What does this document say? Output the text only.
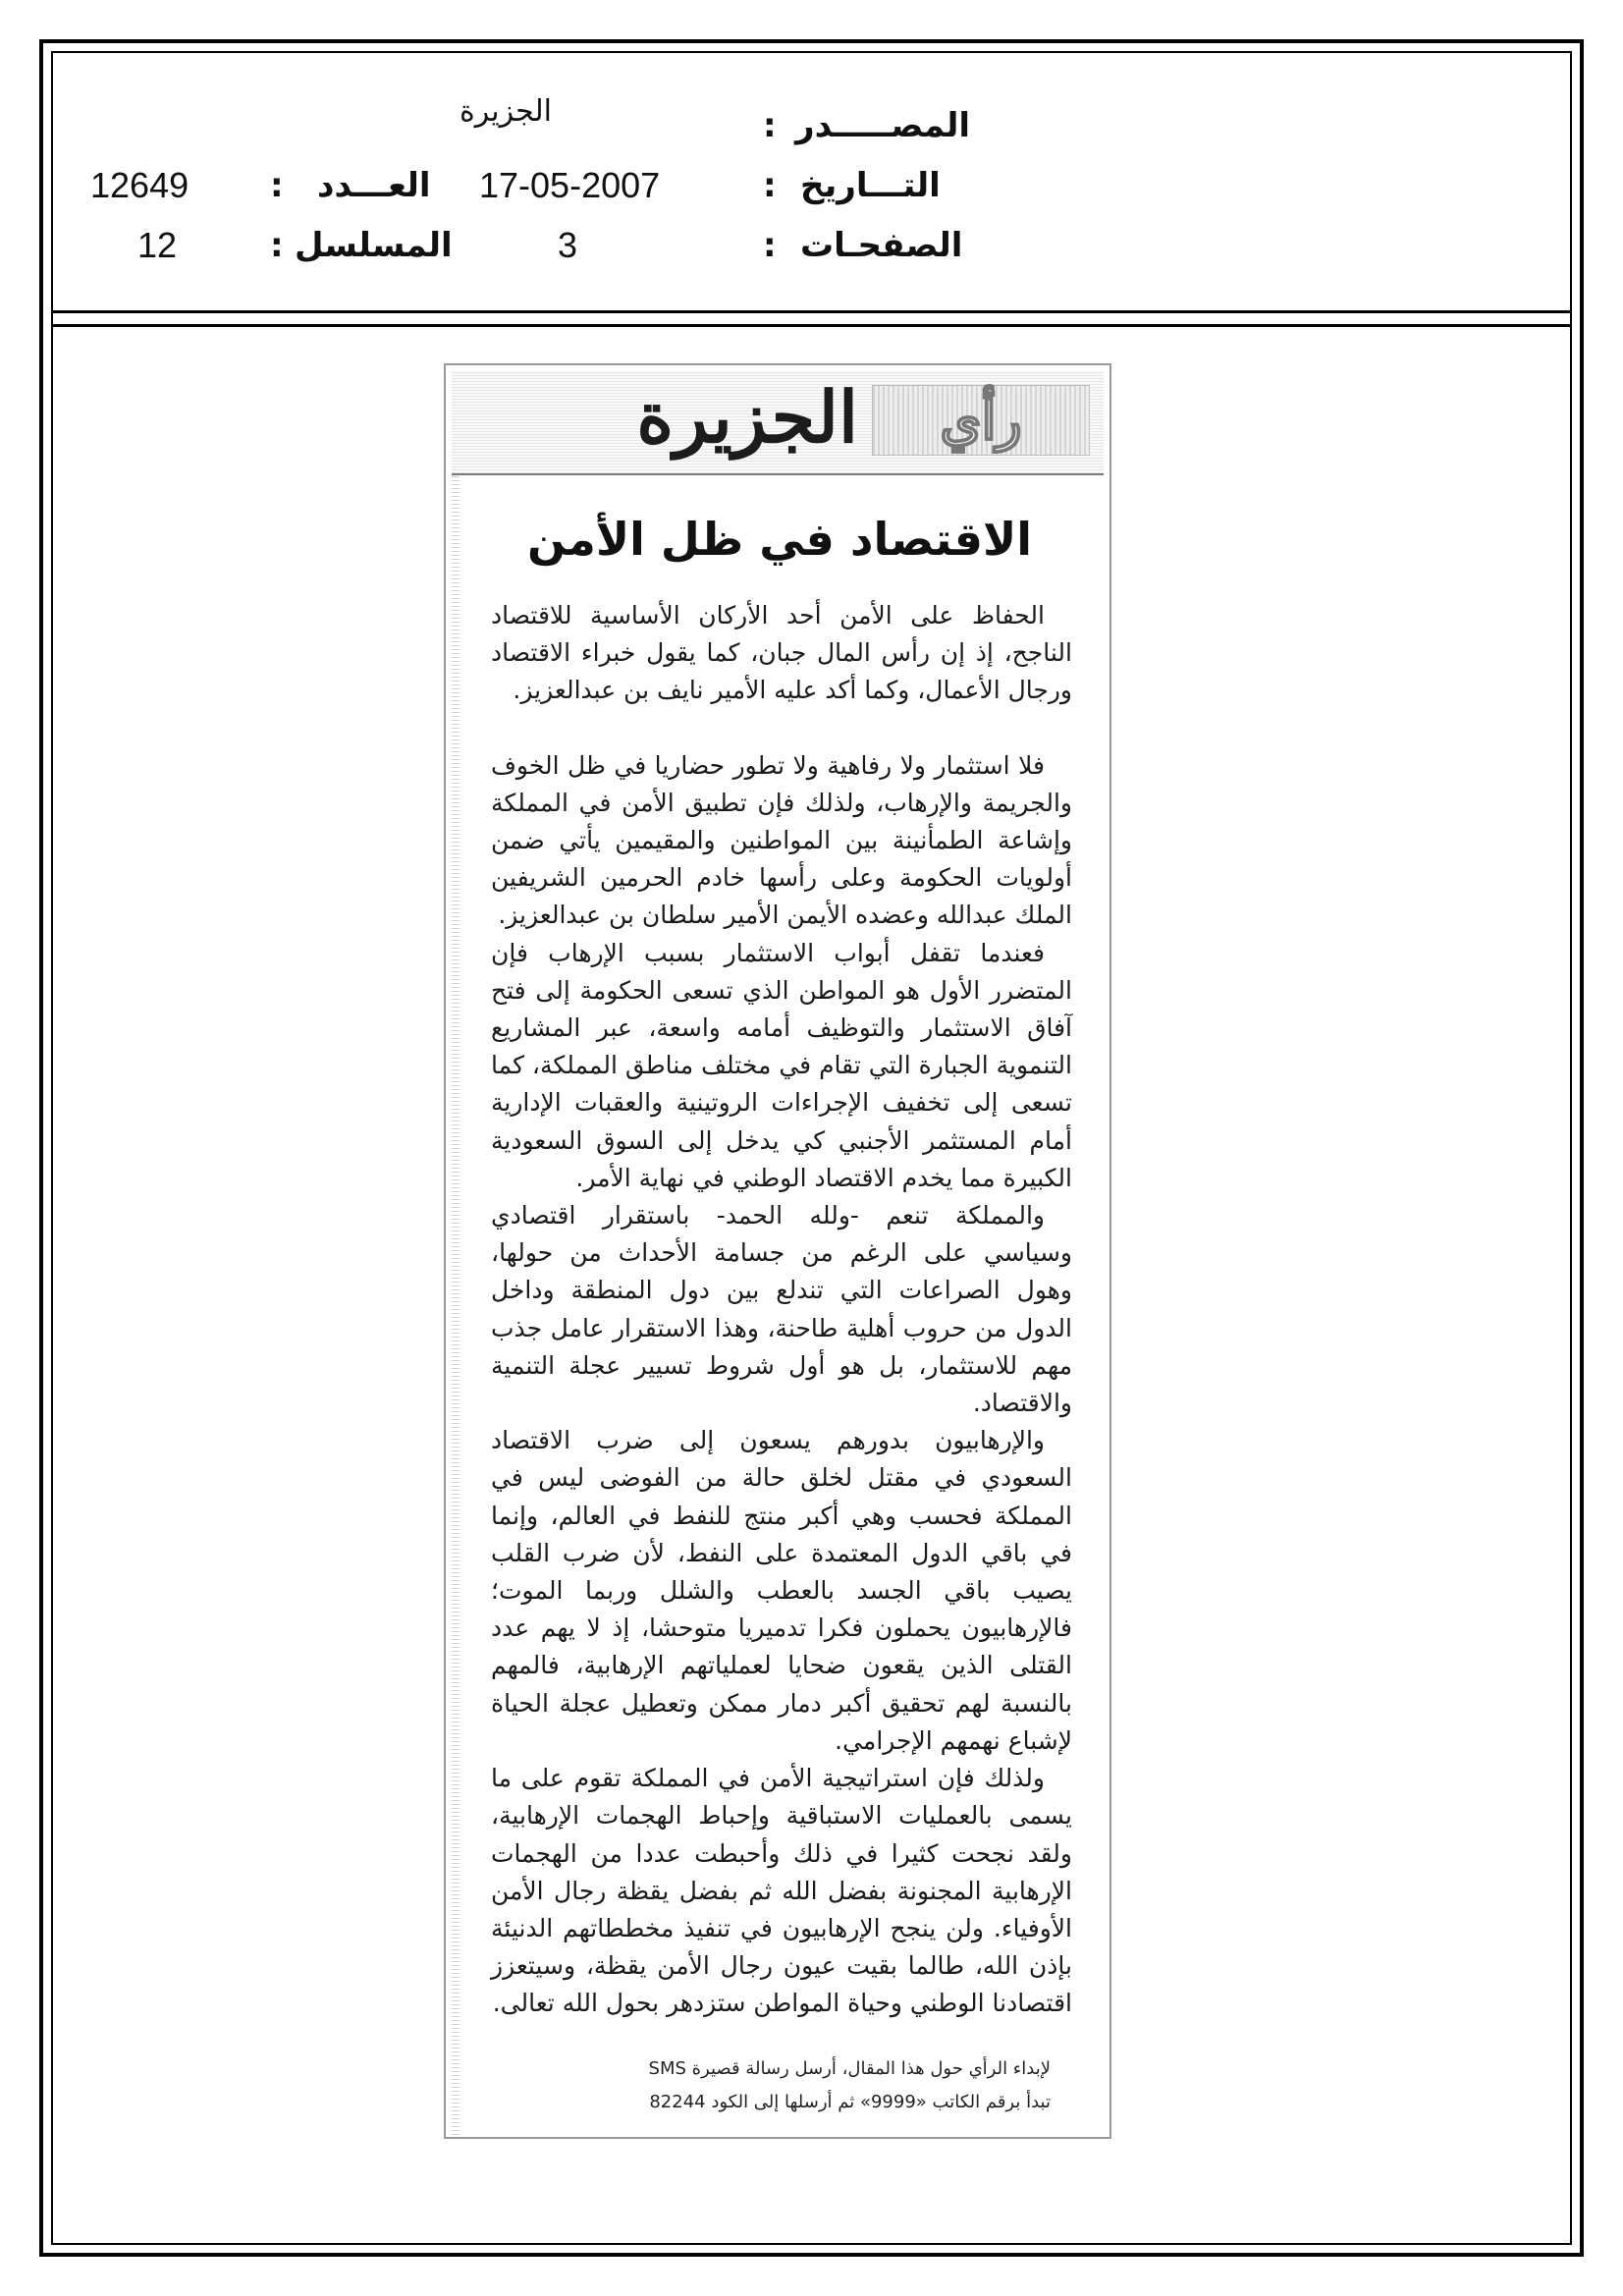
المصـــــدر
:
الجزيرة
التـــاريخ
:
17-05-2007
العـــدد
:
12649
الصفحـات
:
3
المسلسل
:
12
رأي
الجزيرة
الاقتصاد في ظل الأمن

الحفاظ على الأمن أحد الأركان الأساسية للاقتصاد الناجح، إذ إن رأس المال جبان، كما يقول خبراء الاقتصاد ورجال الأعمال، وكما أكد عليه الأمير نايف بن عبدالعزيز.

فلا استثمار ولا رفاهية ولا تطور حضاريا في ظل الخوف والجريمة والإرهاب، ولذلك فإن تطبيق الأمن في المملكة وإشاعة الطمأنينة بين المواطنين والمقيمين يأتي ضمن أولويات الحكومة وعلى رأسها خادم الحرمين الشريفين الملك عبدالله وعضده الأيمن الأمير سلطان بن عبدالعزيز.

فعندما تقفل أبواب الاستثمار بسبب الإرهاب فإن المتضرر الأول هو المواطن الذي تسعى الحكومة إلى فتح آفاق الاستثمار والتوظيف أمامه واسعة، عبر المشاريع التنموية الجبارة التي تقام في مختلف مناطق المملكة، كما تسعى إلى تخفيف الإجراءات الروتينية والعقبات الإدارية أمام المستثمر الأجنبي كي يدخل إلى السوق السعودية الكبيرة مما يخدم الاقتصاد الوطني في نهاية الأمر.

والمملكة تنعم -ولله الحمد- باستقرار اقتصادي وسياسي على الرغم من جسامة الأحداث من حولها، وهول الصراعات التي تندلع بين دول المنطقة وداخل الدول من حروب أهلية طاحنة، وهذا الاستقرار عامل جذب مهم للاستثمار، بل هو أول شروط تسيير عجلة التنمية والاقتصاد.

والإرهابيون بدورهم يسعون إلى ضرب الاقتصاد السعودي في مقتل لخلق حالة من الفوضى ليس في المملكة فحسب وهي أكبر منتج للنفط في العالم، وإنما في باقي الدول المعتمدة على النفط، لأن ضرب القلب يصيب باقي الجسد بالعطب والشلل وربما الموت؛ فالإرهابيون يحملون فكرا تدميريا متوحشا، إذ لا يهم عدد القتلى الذين يقعون ضحايا لعملياتهم الإرهابية، فالمهم بالنسبة لهم تحقيق أكبر دمار ممكن وتعطيل عجلة الحياة لإشباع نهمهم الإجرامي.

ولذلك فإن استراتيجية الأمن في المملكة تقوم على ما يسمى بالعمليات الاستباقية وإحباط الهجمات الإرهابية، ولقد نجحت كثيرا في ذلك وأحبطت عددا من الهجمات الإرهابية المجنونة بفضل الله ثم بفضل يقظة رجال الأمن الأوفياء. ولن ينجح الإرهابيون في تنفيذ مخططاتهم الدنيئة بإذن الله، طالما بقيت عيون رجال الأمن يقظة، وسيتعزز اقتصادنا الوطني وحياة المواطن ستزدهر بحول الله تعالى.

لإبداء الرأي حول هذا المقال، أرسل رسالة قصيرة SMS
تبدأ برقم الكاتب «9999» ثم أرسلها إلى الكود 82244
